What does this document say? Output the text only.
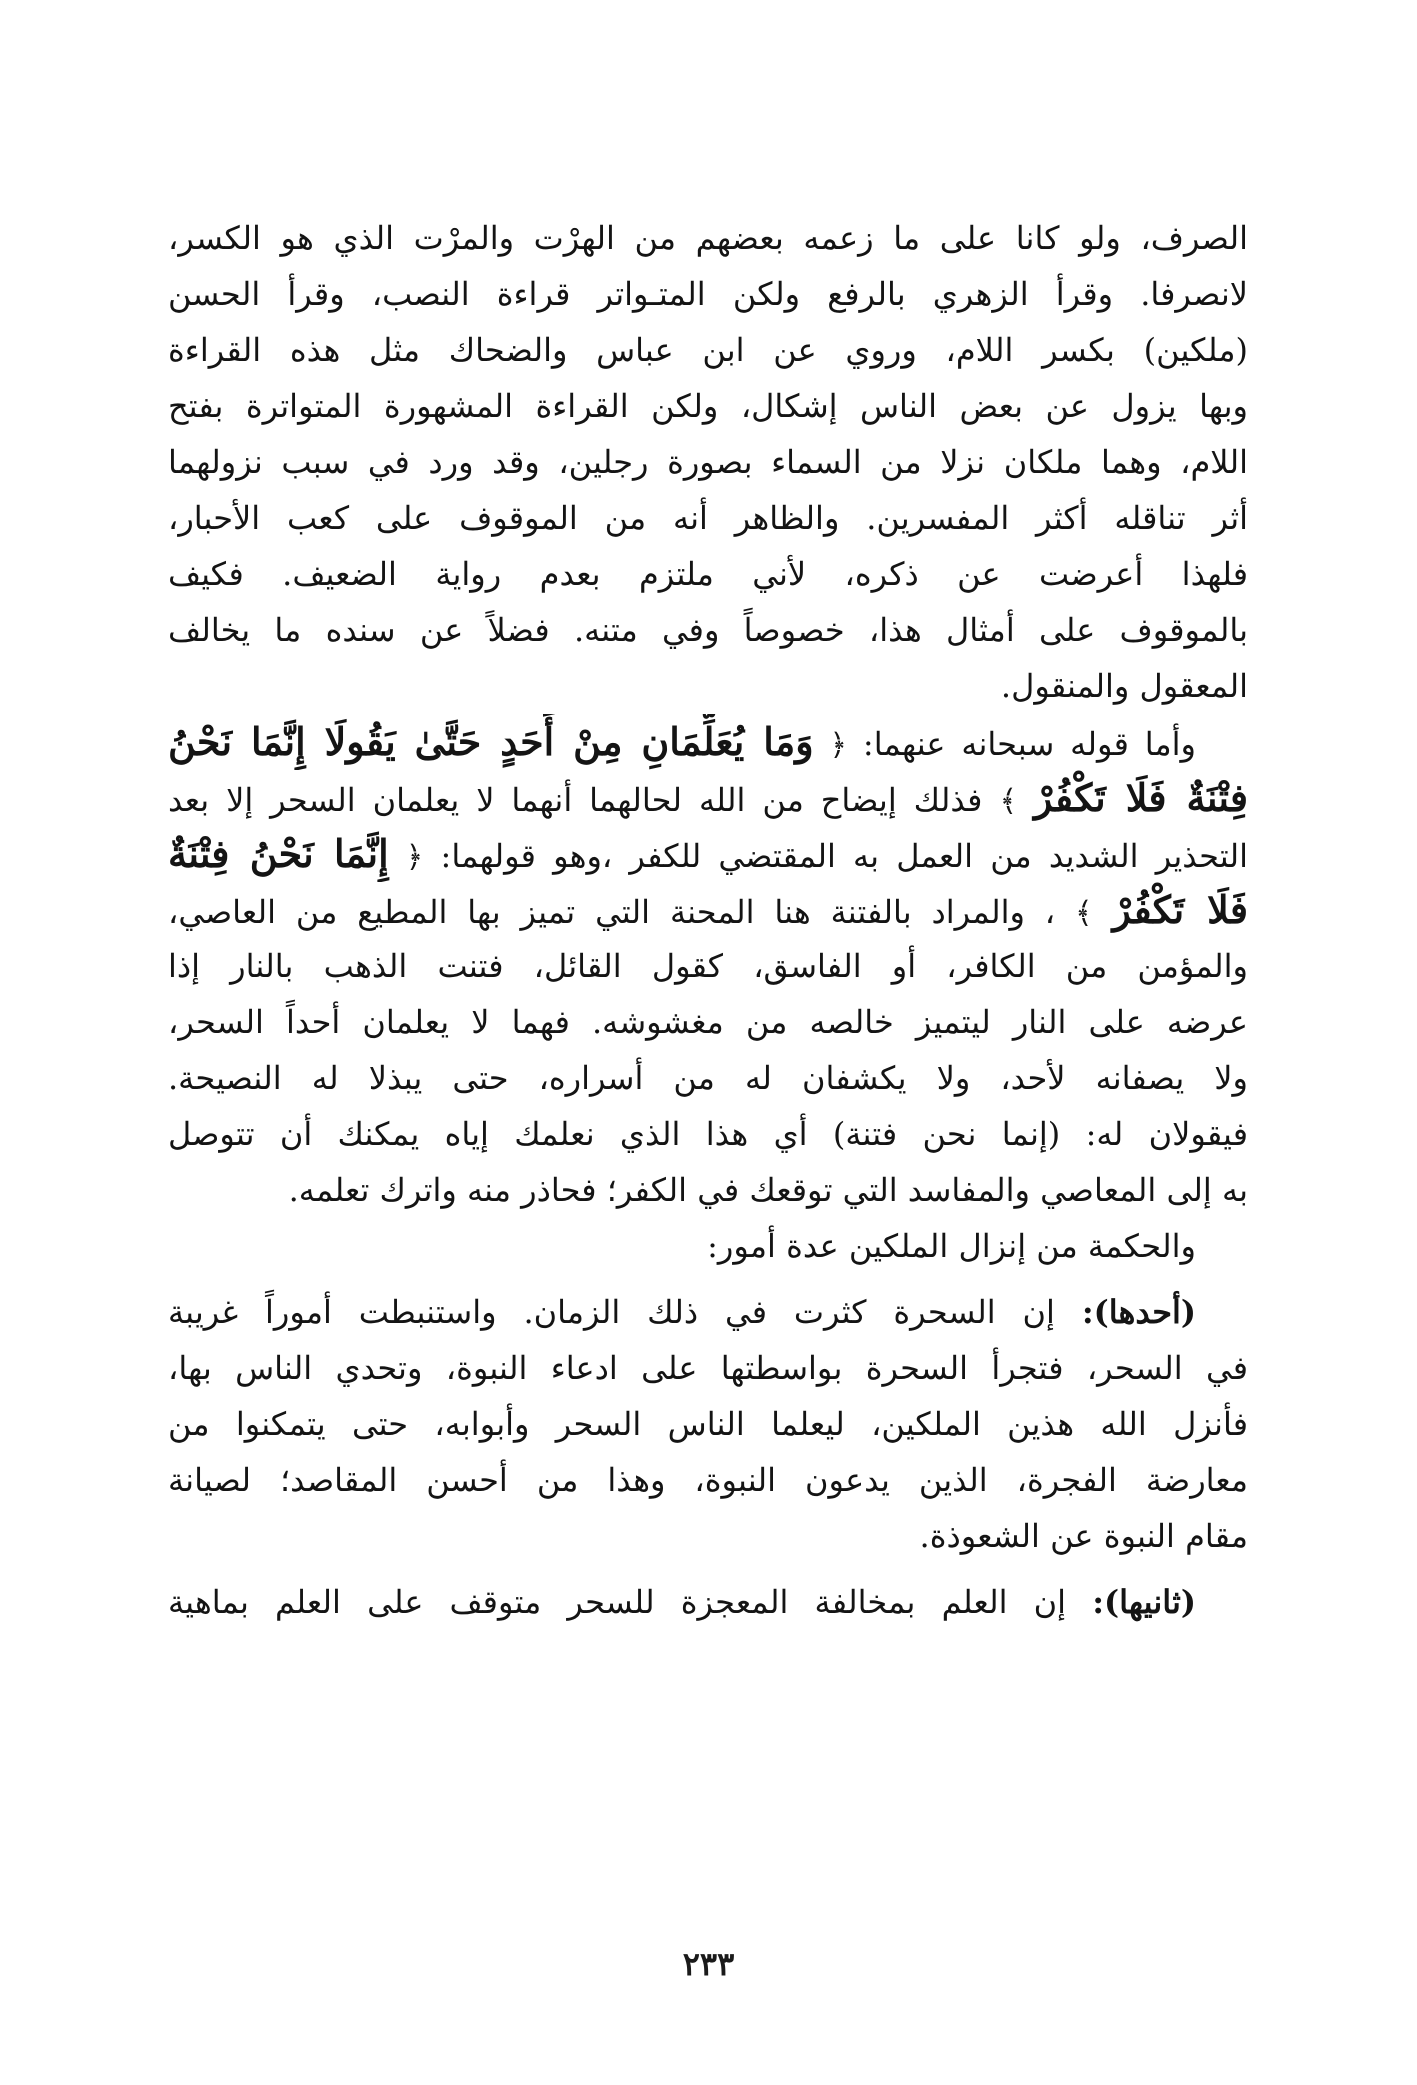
الصرف، ولو كانا على ما زعمه بعضهم من الهرْت والمرْت الذي هو الكسر،

لانصرفا. وقرأ الزهري بالرفع ولكن المتـواتر قراءة النصب، وقرأ الحسن

(ملكين) بكسر اللام، وروي عن ابن عباس والضحاك مثل هذه القراءة

وبها يزول عن بعض الناس إشكال، ولكن القراءة المشهورة المتواترة بفتح

اللام، وهما ملكان نزلا من السماء بصورة رجلين، وقد ورد في سبب نزولهما

أثر تناقله أكثر المفسرين. والظاهر أنه من الموقوف على كعب الأحبار،

فلهذا أعرضت عن ذكره، لأني ملتزم بعدم رواية الضعيف. فكيف

بالموقوف على أمثال هذا، خصوصاً وفي متنه. فضلاً عن سنده ما يخالف

المعقول والمنقول.

وأما قوله سبحانه عنهما: ﴿ وَمَا يُعَلِّمَانِ مِنْ أَحَدٍ حَتَّىٰ يَقُولَا إِنَّمَا نَحْنُ

فِتْنَةٌ فَلَا تَكْفُرْ ﴾ فذلك إيضاح من الله لحالهما أنهما لا يعلمان السحر إلا بعد

التحذير الشديد من العمل به المقتضي للكفر ،وهو قولهما: ﴿ إِنَّمَا نَحْنُ فِتْنَةٌ

فَلَا تَكْفُرْ ﴾ ، والمراد بالفتنة هنا المحنة التي تميز بها المطيع من العاصي،

والمؤمن من الكافر، أو الفاسق، كقول القائل، فتنت الذهب بالنار إذا

عرضه على النار ليتميز خالصه من مغشوشه. فهما لا يعلمان أحداً السحر،

ولا يصفانه لأحد، ولا يكشفان له من أسراره، حتى يبذلا له النصيحة.

فيقولان له: (إنما نحن فتنة) أي هذا الذي نعلمك إياه يمكنك أن تتوصل

به إلى المعاصي والمفاسد التي توقعك في الكفر؛ فحاذر منه واترك تعلمه.

والحكمة من إنزال الملكين عدة أمور:

(أحدها): إن السحرة كثرت في ذلك الزمان. واستنبطت أموراً غريبة

في السحر، فتجرأ السحرة بواسطتها على ادعاء النبوة، وتحدي الناس بها،

فأنزل الله هذين الملكين، ليعلما الناس السحر وأبوابه، حتى يتمكنوا من

معارضة الفجرة، الذين يدعون النبوة، وهذا من أحسن المقاصد؛ لصيانة

مقام النبوة عن الشعوذة.

(ثانيها): إن العلم بمخالفة المعجزة للسحر متوقف على العلم بماهية

٢٣٣
